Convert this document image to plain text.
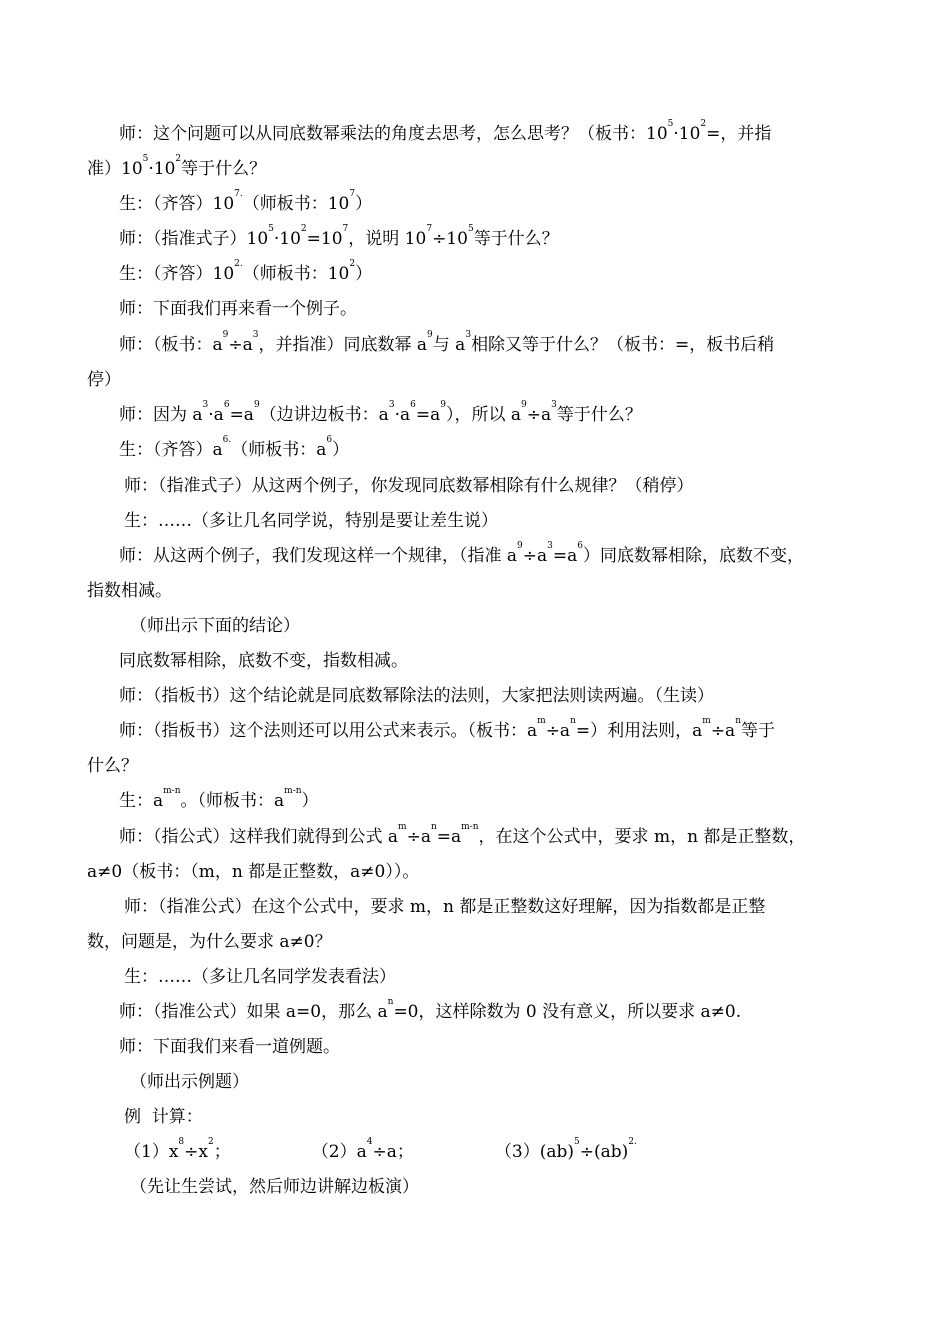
师：这个问题可以从同底数幂乘法的角度去思考，怎么思考？（板书：$10^5\cdot 10^2=$，并指
准）$10^5\cdot 10^2$等于什么？
生：（齐答）$10^{7.}$（师板书：$10^7$）
师：（指准式子）$10^5\cdot 10^2=10^7$，说明 $10^7\div 10^5$等于什么？
生：（齐答）$10^{2.}$（师板书：$10^2$）
师：下面我们再来看一个例子。
师：（板书：$a^9\div a^3$，并指准）同底数幂 $a^9$与 $a^3$相除又等于什么？（板书：=，板书后稍
停）
师：因为 $a^3\cdot a^6=a^9$（边讲边板书：$a^3\cdot a^6=a^9$），所以 $a^9\div a^3$等于什么？
生：（齐答）$a^{6.}$（师板书：$a^6$）
师：（指准式子）从这两个例子，你发现同底数幂相除有什么规律？（稍停）
生：……（多让几名同学说，特别是要让差生说）
师：从这两个例子，我们发现这样一个规律，（指准 $a^9\div a^3=a^6$）同底数幂相除，底数不变，
指数相减。
（师出示下面的结论）
同底数幂相除，底数不变，指数相减。
师：（指板书）这个结论就是同底数幂除法的法则，大家把法则读两遍。（生读）
师：（指板书）这个法则还可以用公式来表示。（板书：$a^m\div a^n=$）利用法则，$a^m\div a^n$等于
什么？
生：$a^{m-n}$。（师板书：$a^{m-n}$）
师：（指公式）这样我们就得到公式 $a^m\div a^n=a^{m-n}$，在这个公式中，要求 m，n 都是正整数，
a≠0（板书：（m，n 都是正整数，a≠0））。
师：（指准公式）在这个公式中，要求 m，n 都是正整数这好理解，因为指数都是正整
数，问题是，为什么要求 a≠0？
生：……（多让几名同学发表看法）
师：（指准公式）如果 a=0，那么 $a^n=0$，这样除数为 0 没有意义，所以要求 a≠0.
师：下面我们来看一道例题。
（师出示例题）
例  计算：
$(1)x^8\div x^2$；               $(2)a^4\div a$；               （3）(ab)$^5$÷(ab)$^{2.}$
（先让生尝试，然后师边讲解边板演）
